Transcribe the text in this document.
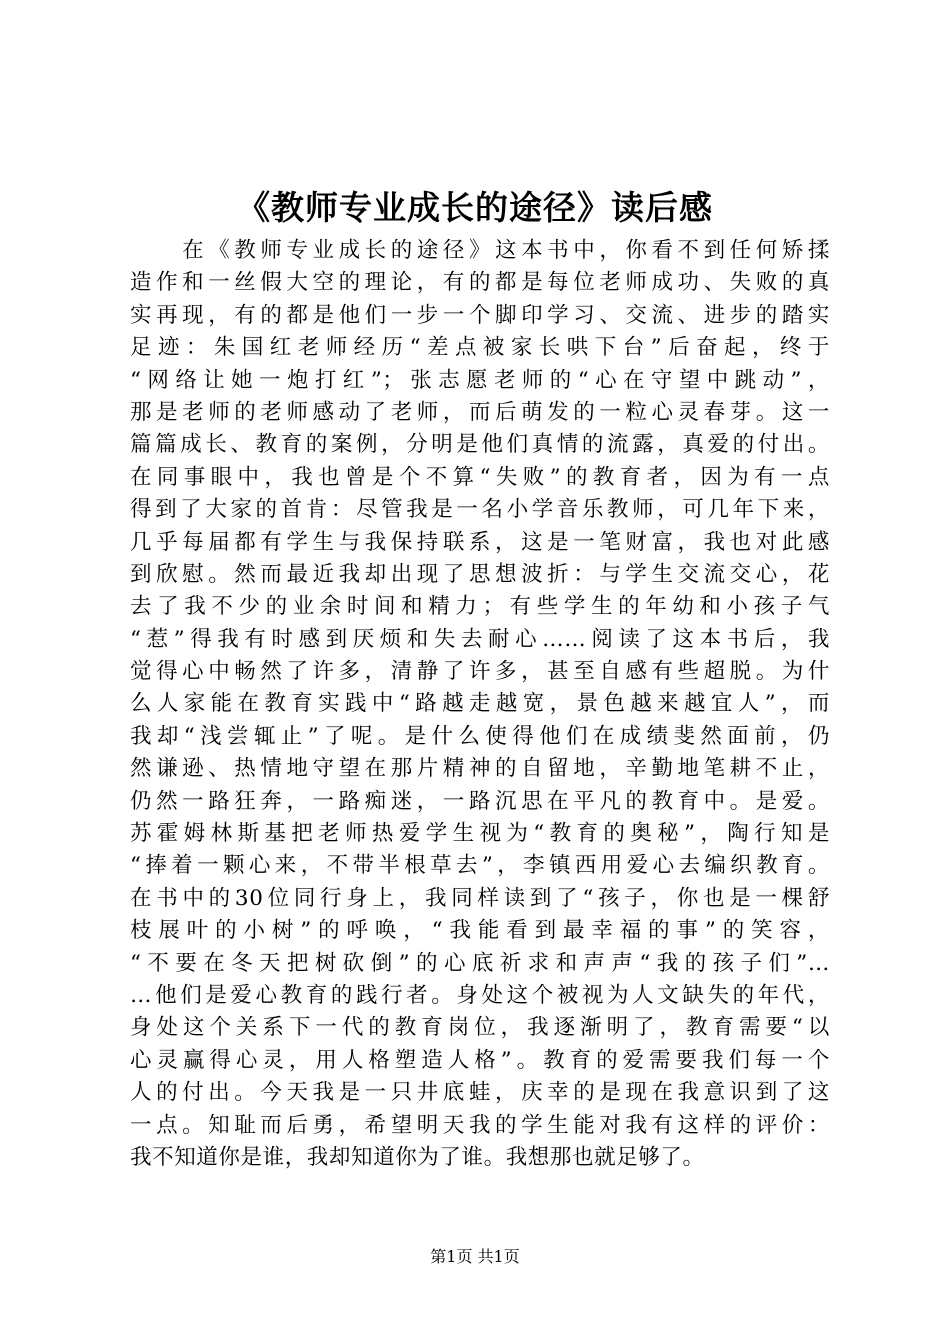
《教师专业成长的途径》读后感
　　在《教师专业成长的途径》这本书中，你看不到任何矫揉
造作和一丝假大空的理论，有的都是每位老师成功、失败的真
实再现，有的都是他们一步一个脚印学习、交流、进步的踏实
足迹：朱国红老师经历“差点被家长哄下台”后奋起，终于
“网络让她一炮打红”；张志愿老师的“心在守望中跳动”，
那是老师的老师感动了老师，而后萌发的一粒心灵春芽。这一
篇篇成长、教育的案例，分明是他们真情的流露，真爱的付出。
在同事眼中，我也曾是个不算“失败”的教育者，因为有一点
得到了大家的首肯：尽管我是一名小学音乐教师，可几年下来，
几乎每届都有学生与我保持联系，这是一笔财富，我也对此感
到欣慰。然而最近我却出现了思想波折：与学生交流交心，花
去了我不少的业余时间和精力；有些学生的年幼和小孩子气
“惹”得我有时感到厌烦和失去耐心……阅读了这本书后，我
觉得心中畅然了许多，清静了许多，甚至自感有些超脱。为什
么人家能在教育实践中“路越走越宽，景色越来越宜人”，而
我却“浅尝辄止”了呢。是什么使得他们在成绩斐然面前，仍
然谦逊、热情地守望在那片精神的自留地，辛勤地笔耕不止，
仍然一路狂奔，一路痴迷，一路沉思在平凡的教育中。是爱。
苏霍姆林斯基把老师热爱学生视为“教育的奥秘”，陶行知是
“捧着一颗心来，不带半根草去”，李镇西用爱心去编织教育。
在书中的30位同行身上，我同样读到了“孩子，你也是一棵舒
枝展叶的小树”的呼唤，“我能看到最幸福的事”的笑容，
“不要在冬天把树砍倒”的心底祈求和声声“我的孩子们”…
…他们是爱心教育的践行者。身处这个被视为人文缺失的年代，
身处这个关系下一代的教育岗位，我逐渐明了，教育需要“以
心灵赢得心灵，用人格塑造人格”。教育的爱需要我们每一个
人的付出。今天我是一只井底蛙，庆幸的是现在我意识到了这
一点。知耻而后勇，希望明天我的学生能对我有这样的评价：
我不知道你是谁，我却知道你为了谁。我想那也就足够了。
第1页 共1页
